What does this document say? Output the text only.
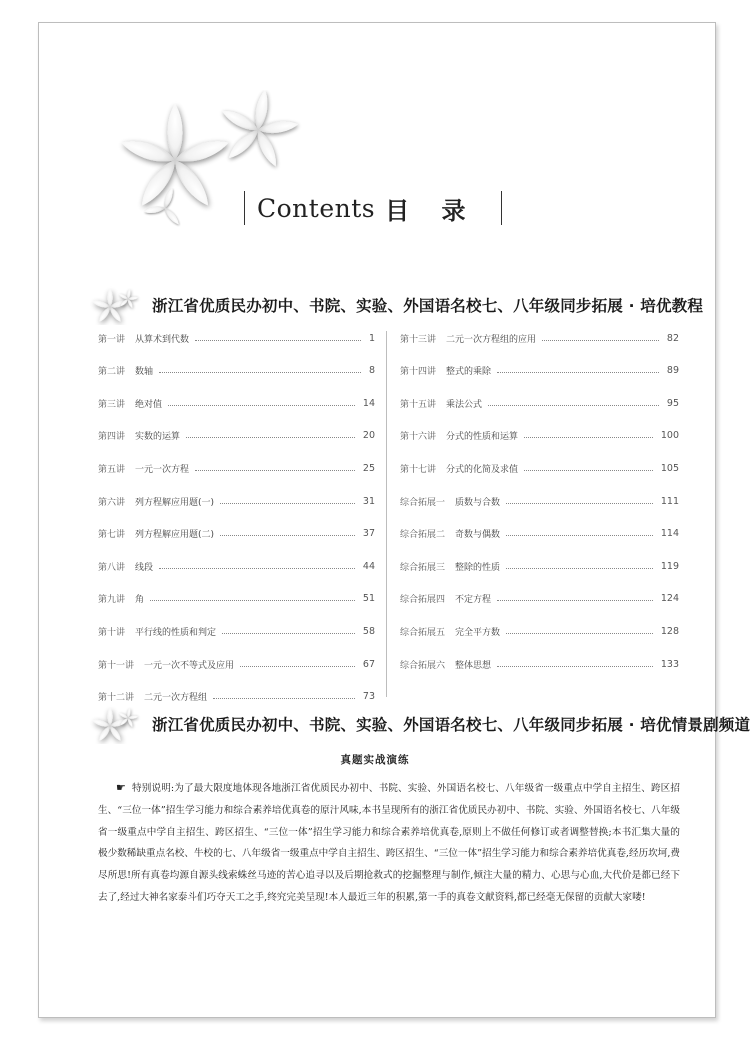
Contents 目 录
浙江省优质民办初中、书院、实验、外国语名校七、八年级同步拓展 · 培优教程
第一讲 从算术到代数	1
第二讲 数轴	8
第三讲 绝对值	14
第四讲 实数的运算	20
第五讲 一元一次方程	25
第六讲 列方程解应用题(一)	31
第七讲 列方程解应用题(二)	37
第八讲 线段	44
第九讲 角	51
第十讲 平行线的性质和判定	58
第十一讲 一元一次不等式及应用	67
第十二讲 二元一次方程组	73
第十三讲 二元一次方程组的应用	82
第十四讲 整式的乘除	89
第十五讲 乘法公式	95
第十六讲 分式的性质和运算	100
第十七讲 分式的化简及求值	105
综合拓展一 质数与合数	111
综合拓展二 奇数与偶数	114
综合拓展三 整除的性质	119
综合拓展四 不定方程	124
综合拓展五 完全平方数	128
综合拓展六 整体思想	133
浙江省优质民办初中、书院、实验、外国语名校七、八年级同步拓展 · 培优情景剧频道
真题实战演练
☛ 特别说明:为了最大限度地体现各地浙江省优质民办初中、书院、实验、外国语名校七、八年级省一级重点中学自主招生、跨区招生、“三位一体”招生学习能力和综合素养培优真卷的原汁风味,本书呈现所有的浙江省优质民办初中、书院、实验、外国语名校七、八年级省一级重点中学自主招生、跨区招生、“三位一体”招生学习能力和综合素养培优真卷,原则上不做任何修订或者调整替换;本书汇集大量的极少数稀缺重点名校、牛校的七、八年级省一级重点中学自主招生、跨区招生、“三位一体”招生学习能力和综合素养培优真卷,经历坎坷,费尽所思!所有真卷均源自源头线索蛛丝马迹的苦心追寻以及后期抢救式的挖掘整理与制作,倾注大量的精力、心思与心血,大代价是都已经下去了,经过大神名家泰斗们巧夺天工之手,终究完美呈现!本人最近三年的积累,第一手的真卷文献资料,都已经毫无保留的贡献大家喽!
